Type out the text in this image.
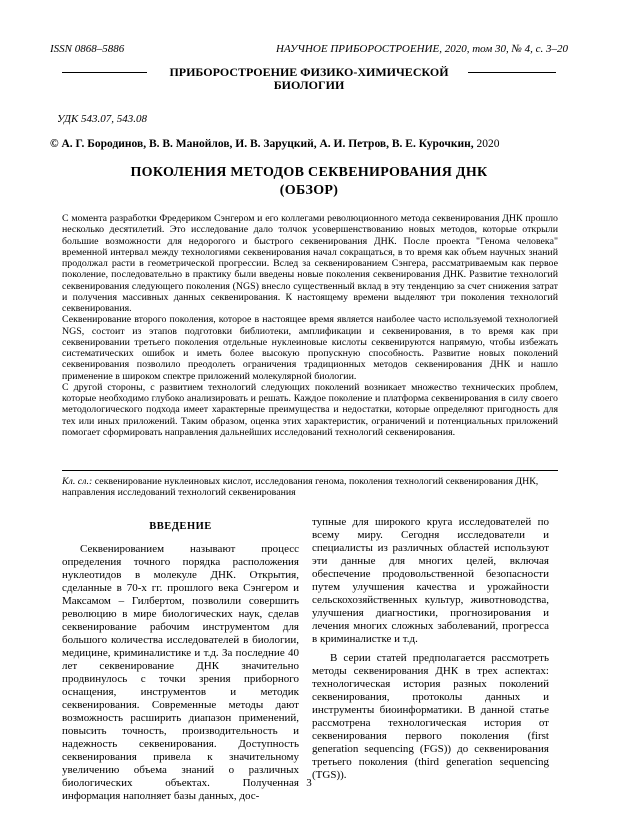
ISSN 0868–5886	НАУЧНОЕ ПРИБОРОСТРОЕНИЕ, 2020, том 30, № 4, c. 3–20
ПРИБОРОСТРОЕНИЕ ФИЗИКО-ХИМИЧЕСКОЙ БИОЛОГИИ
УДК 543.07, 543.08
© А. Г. Бородинов, В. В. Манойлов, И. В. Заруцкий, А. И. Петров, В. Е. Курочкин, 2020
ПОКОЛЕНИЯ МЕТОДОВ СЕКВЕНИРОВАНИЯ ДНК
(ОБЗОР)

С момента разработки Фредериком Сэнгером и его коллегами революционного метода секвенирования ДНК прошло несколько десятилетий. Это исследование дало толчок усовершенствованию новых методов, которые открыли большие возможности для недорогого и быстрого секвенирования ДНК. После проекта "Генома человека" временной интервал между технологиями секвенирования начал сокращаться, в то время как объем научных знаний продолжал расти в геометрической прогрессии. Вслед за секвенированием Сэнгера, рассматриваемым как первое поколение, последовательно в практику были введены новые поколения секвенирования ДНК. Развитие технологий секвенирования следующего поколения (NGS) внесло существенный вклад в эту тенденцию за счет снижения затрат и получения массивных данных секвенирования. К настоящему времени выделяют три поколения технологий секвенирования.

Секвенирование второго поколения, которое в настоящее время является наиболее часто используемой технологией NGS, состоит из этапов подготовки библиотеки, амплификации и секвенирования, в то время как при секвенировании третьего поколения отдельные нуклеиновые кислоты секвенируются напрямую, чтобы избежать систематических ошибок и иметь более высокую пропускную способность. Развитие новых поколений секвенирования позволило преодолеть ограничения традиционных методов секвенирования ДНК и нашло применение в широком спектре приложений молекулярной биологии.

С другой стороны, с развитием технологий следующих поколений возникает множество технических проблем, которые необходимо глубоко анализировать и решать. Каждое поколение и платформа секвенирования в силу своего методологического подхода имеет характерные преимущества и недостатки, которые определяют пригодность для тех или иных приложений. Таким образом, оценка этих характеристик, ограничений и потенциальных приложений помогает сформировать направления дальнейших исследований технологий секвенирования.

Кл. сл.: секвенирование нуклеиновых кислот, исследования генома, поколения технологий секвенирования ДНК, направления исследований технологий секвенирования
ВВЕДЕНИЕ

Секвенированием называют процесс определения точного порядка расположения нуклеотидов в молекуле ДНК. Открытия, сделанные в 70-х гг. прошлого века Сэнгером и Максамом – Гилбертом, позволили совершить революцию в мире биологических наук, сделав секвенирование рабочим инструментом для большого количества исследователей в биологии, медицине, криминалистике и т.д. За последние 40 лет секвенирование ДНК значительно продвинулось с точки зрения приборного оснащения, инструментов и методик секвенирования. Современные методы дают возможность расширить диапазон применений, повысить точность, производительность и надежность секвенирования. Доступность секвенирования привела к значительному увеличению объема знаний о различных биологических объектах. Полученная информация наполняет базы данных, дос-

тупные для широкого круга исследователей по всему миру. Сегодня исследователи и специалисты из различных областей используют эти данные для многих целей, включая обеспечение продовольственной безопасности путем улучшения качества и урожайности сельскохозяйственных культур, животноводства, улучшения диагностики, прогнозирования и лечения многих сложных заболеваний, прогресса в криминалистке и т.д.

В серии статей предполагается рассмотреть методы секвенирования ДНК в трех аспектах: технологическая история разных поколений секвенирования, протоколы данных и инструменты биоинформатики. В данной статье рассмотрена технологическая история от секвенирования первого поколения (first generation sequencing (FGS)) до секвенирования третьего поколения (third generation sequencing (TGS)).

3
